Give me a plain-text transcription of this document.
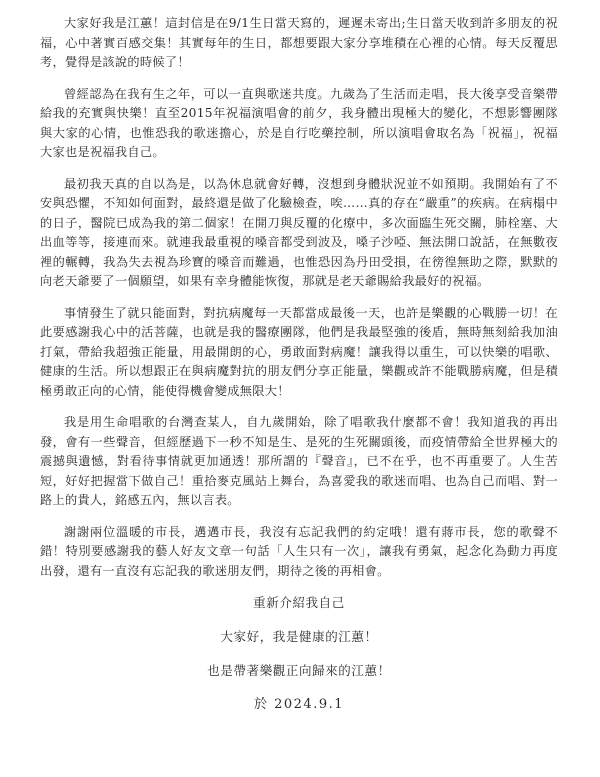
大家好我是江蕙！這封信是在9/1生日當天寫的，遲遲未寄出;生日當天收到許多朋友的祝福，心中著實百感交集！其實每年的生日，都想要跟大家分享堆積在心裡的心情。每天反覆思考，覺得是該說的時候了！

曾經認為在我有生之年，可以一直與歌迷共度。九歲為了生活而走唱，長大後享受音樂帶給我的充實與快樂！直至2015年祝福演唱會的前夕，我身體出現極大的變化，不想影響團隊與大家的心情，也惟恐我的歌迷擔心，於是自行吃藥控制，所以演唱會取名為「祝福」，祝福大家也是祝福我自己。

最初我天真的自以為是，以為休息就會好轉，沒想到身體狀況並不如預期。我開始有了不安與恐懼，不知如何面對，最終還是做了化驗檢查，唉……真的存在“嚴重”的疾病。在病榻中的日子，醫院已成為我的第二個家！在開刀與反覆的化療中，多次面臨生死交關，肺栓塞、大出血等等，接連而來。就連我最重視的嗓音都受到波及，嗓子沙啞、無法開口說話，在無數夜裡的輾轉，我為失去視為珍寶的嗓音而難過，也惟恐因為丹田受損，在徬徨無助之際，默默的向老天爺要了一個願望，如果有幸身體能恢復，那就是老天爺賜給我最好的祝福。

事情發生了就只能面對，對抗病魔每一天都當成最後一天，也許是樂觀的心戰勝一切！在此要感謝我心中的活菩薩，也就是我的醫療團隊，他們是我最堅強的後盾，無時無刻給我加油打氣，帶給我超強正能量，用最開朗的心，勇敢面對病魔！讓我得以重生，可以快樂的唱歌、健康的生活。所以想跟正在與病魔對抗的朋友們分享正能量，樂觀或許不能戰勝病魔，但是積極勇敢正向的心情，能使得機會變成無限大！

我是用生命唱歌的台灣查某人，自九歲開始，除了唱歌我什麼都不會！我知道我的再出發，會有一些聲音，但經歷過下一秒不知是生、是死的生死關頭後，而疫情帶給全世界極大的震撼與遺憾，對看待事情就更加通透！那所謂的『聲音』，已不在乎，也不再重要了。人生苦短，好好把握當下做自己！重拾麥克風站上舞台，為喜愛我的歌迷而唱、也為自己而唱、對一路上的貴人，銘感五內，無以言表。

謝謝兩位溫暖的市長，邁邁市長，我沒有忘記我們的約定哦！還有蔣市長，您的歌聲不錯！特別要感謝我的藝人好友文章一句話「人生只有一次」，讓我有勇氣，起念化為動力再度出發，還有一直沒有忘記我的歌迷朋友們，期待之後的再相會。

重新介紹我自己
大家好，我是健康的江蕙！
也是帶著樂觀正向歸來的江蕙！
於 2024.9.1
